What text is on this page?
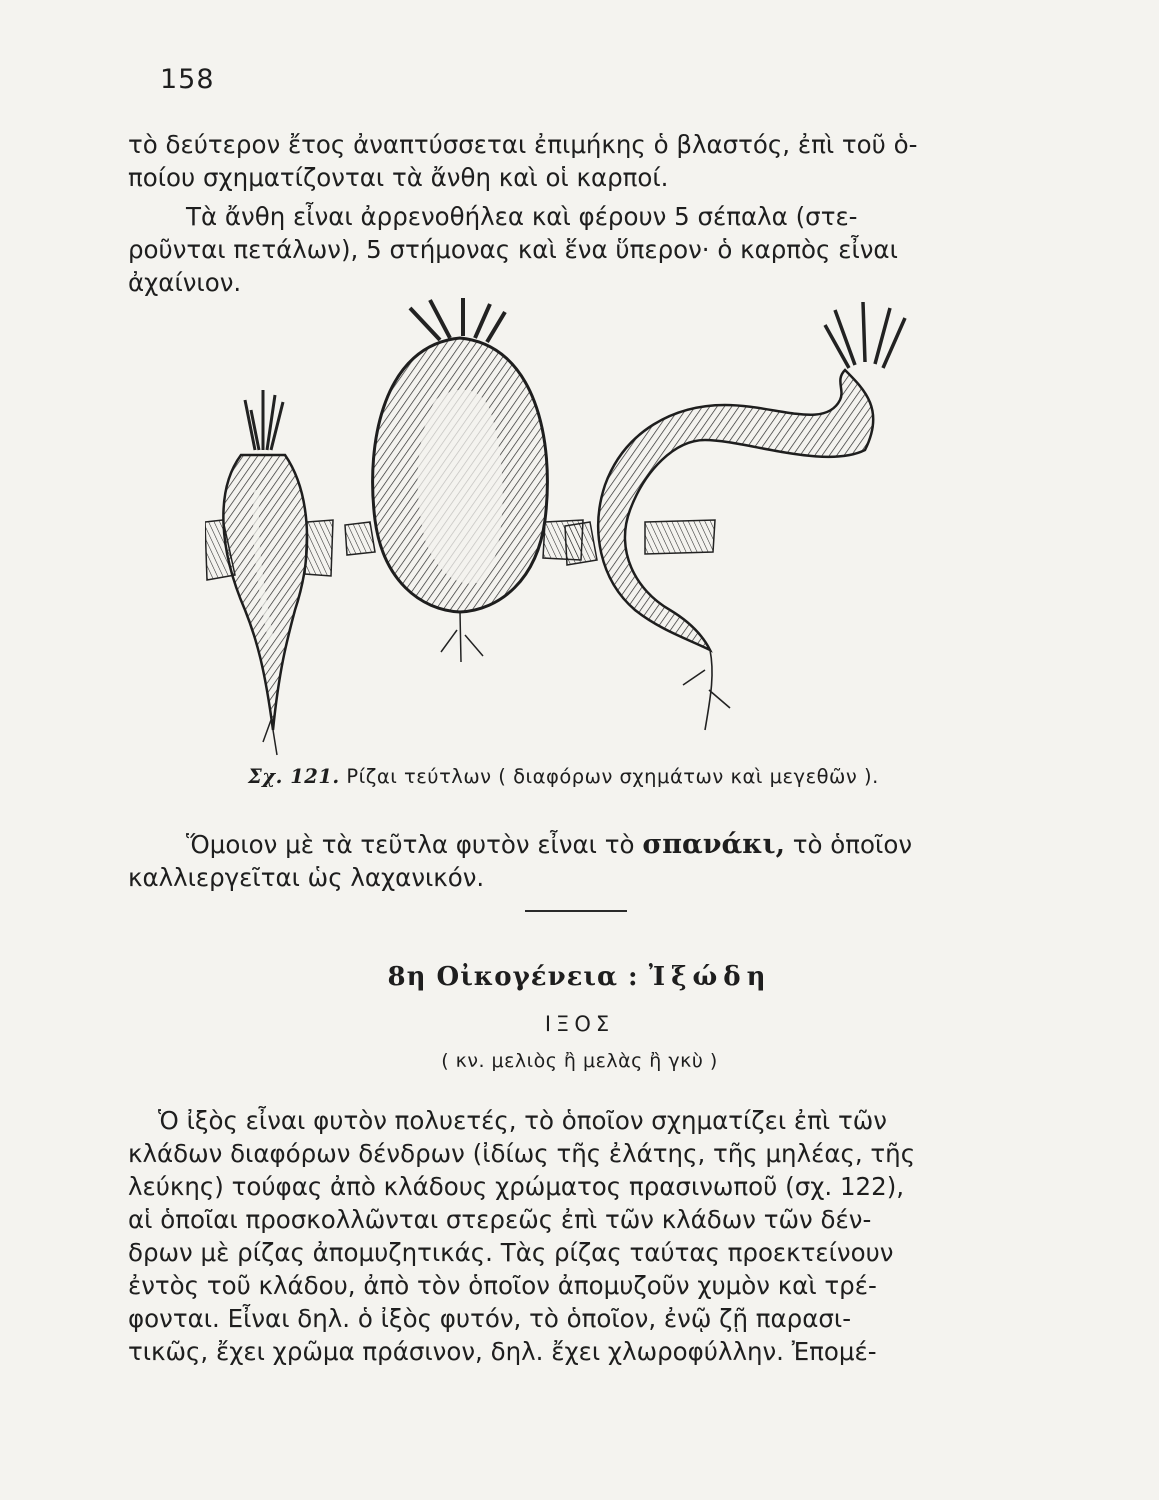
158
τὸ δεύτερον ἔτος ἀναπτύσσεται ἐπιμήκης ὁ βλαστός, ἐπὶ τοῦ ὁ-
ποίου σχηματίζονται τὰ ἄνθη καὶ οἱ καρποί.
Τὰ ἄνθη εἶναι ἀρρενοθήλεα καὶ φέρουν 5 σέπαλα (στε-
ροῦνται πετάλων), 5 στήμονας καὶ ἕνα ὕπερον· ὁ καρπὸς εἶναι
ἀχαίνιον.
Σχ. 121. Ρίζαι τεύτλων ( διαφόρων σχημάτων καὶ μεγεθῶν ).
Ὅμοιον μὲ τὰ τεῦτλα φυτὸν εἶναι τὸ σπανάκι, τὸ ὁποῖον
καλλιεργεῖται ὡς λαχανικόν.
8η Οἰκογένεια : Ἰξώδη
ΙΞΟΣ
( κν. μελιὸς ἢ μελὰς ἢ γκὺ )
Ὁ ἰξὸς εἶναι φυτὸν πολυετές, τὸ ὁποῖον σχηματίζει ἐπὶ τῶν
κλάδων διαφόρων δένδρων (ἰδίως τῆς ἐλάτης, τῆς μηλέας, τῆς
λεύκης) τούφας ἀπὸ κλάδους χρώματος πρασινωποῦ (σχ. 122),
αἱ ὁποῖαι προσκολλῶνται στερεῶς ἐπὶ τῶν κλάδων τῶν δέν-
δρων μὲ ρίζας ἀπομυζητικάς. Τὰς ρίζας ταύτας προεκτείνουν
ἐντὸς τοῦ κλάδου, ἀπὸ τὸν ὁποῖον ἀπομυζοῦν χυμὸν καὶ τρέ-
φονται. Εἶναι δηλ. ὁ ἰξὸς φυτόν, τὸ ὁποῖον, ἐνῷ ζῇ παρασι-
τικῶς, ἔχει χρῶμα πράσινον, δηλ. ἔχει χλωροφύλλην. Ἐπομέ-
